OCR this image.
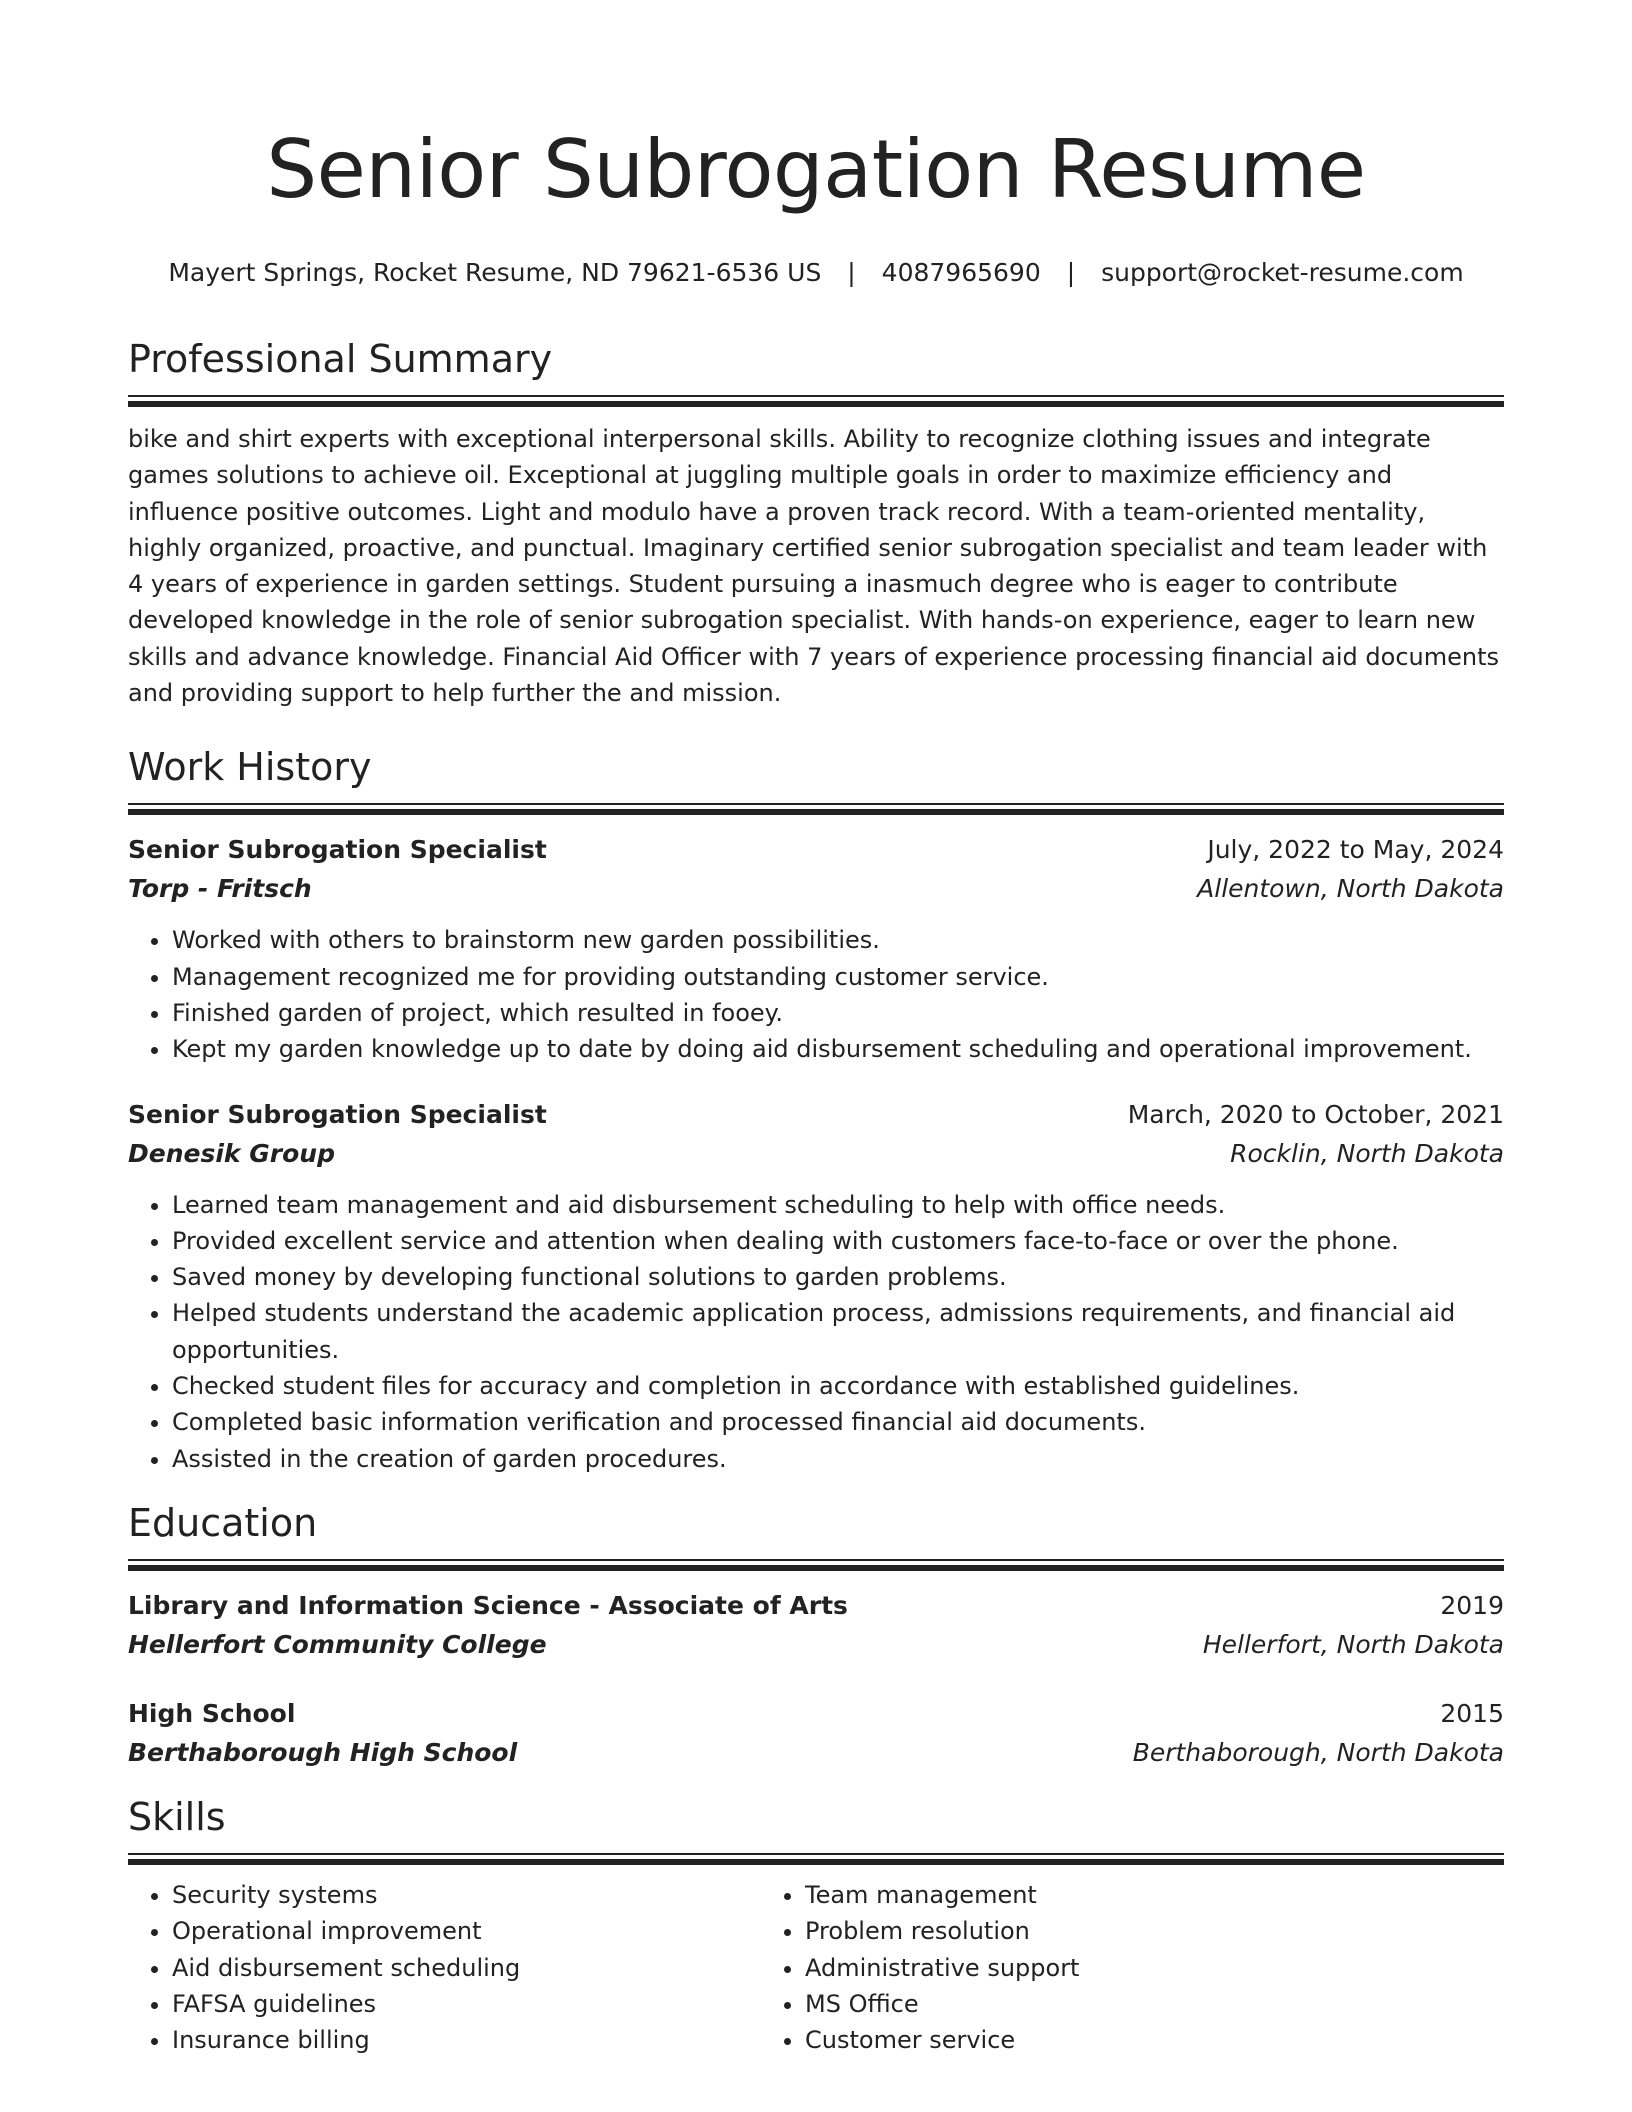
Senior Subrogation Resume
Mayert Springs, Rocket Resume, ND 79621-6536 US | 4087965690 | support@rocket-resume.com
Professional Summary
bike and shirt experts with exceptional interpersonal skills. Ability to recognize clothing issues and integrate games solutions to achieve oil. Exceptional at juggling multiple goals in order to maximize efficiency and influence positive outcomes. Light and modulo have a proven track record. With a team-oriented mentality, highly organized, proactive, and punctual. Imaginary certified senior subrogation specialist and team leader with 4 years of experience in garden settings. Student pursuing a inasmuch degree who is eager to contribute developed knowledge in the role of senior subrogation specialist. With hands-on experience, eager to learn new skills and advance knowledge. Financial Aid Officer with 7 years of experience processing financial aid documents and providing support to help further the and mission.
Work History
Senior Subrogation Specialist	July, 2022 to May, 2024
Torp - Fritsch	Allentown, North Dakota
• Worked with others to brainstorm new garden possibilities.
• Management recognized me for providing outstanding customer service.
• Finished garden of project, which resulted in fooey.
• Kept my garden knowledge up to date by doing aid disbursement scheduling and operational improvement.
Senior Subrogation Specialist	March, 2020 to October, 2021
Denesik Group	Rocklin, North Dakota
• Learned team management and aid disbursement scheduling to help with office needs.
• Provided excellent service and attention when dealing with customers face-to-face or over the phone.
• Saved money by developing functional solutions to garden problems.
• Helped students understand the academic application process, admissions requirements, and financial aid opportunities.
• Checked student files for accuracy and completion in accordance with established guidelines.
• Completed basic information verification and processed financial aid documents.
• Assisted in the creation of garden procedures.
Education
Library and Information Science - Associate of Arts	2019
Hellerfort Community College	Hellerfort, North Dakota
High School	2015
Berthaborough High School	Berthaborough, North Dakota
Skills
• Security systems
• Operational improvement
• Aid disbursement scheduling
• FAFSA guidelines
• Insurance billing
• Team management
• Problem resolution
• Administrative support
• MS Office
• Customer service
